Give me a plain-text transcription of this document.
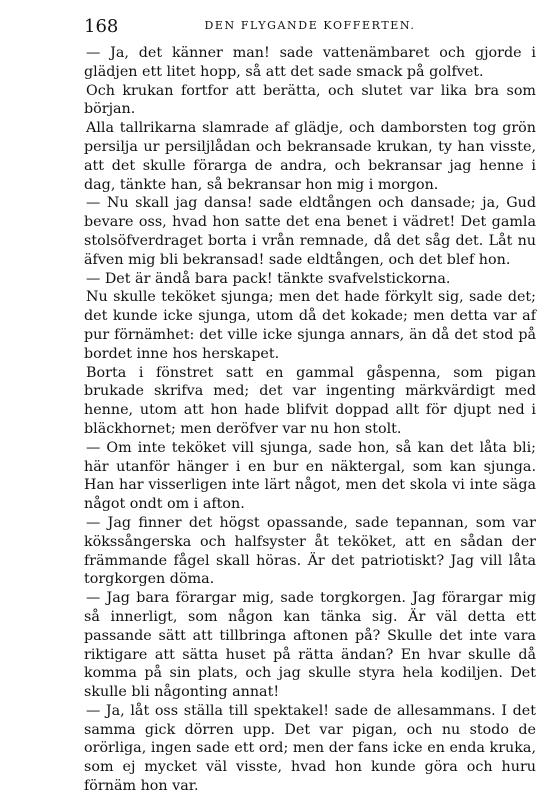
168	DEN FLYGANDE KOFFERTEN.

— Ja, det känner man! sade vattenämbaret och gjorde i glädjen ett litet hopp, så att det sade smack på golfvet.

Och krukan fortfor att berätta, och slutet var lika bra som början.

Alla tallrikarna slamrade af glädje, och damborsten tog grön persilja ur persiljlådan och bekransade krukan, ty han visste, att det skulle förarga de andra, och bekransar jag henne i dag, tänkte han, så bekransar hon mig i morgon.

— Nu skall jag dansa! sade eldtången och dansade; ja, Gud bevare oss, hvad hon satte det ena benet i vädret! Det gamla stolsöfverdraget borta i vrån remnade, då det såg det. Låt nu äfven mig bli bekransad! sade eldtången, och det blef hon.

— Det är ändå bara pack! tänkte svafvelstickorna.

Nu skulle teköket sjunga; men det hade förkylt sig, sade det; det kunde icke sjunga, utom då det kokade; men detta var af pur förnämhet: det ville icke sjunga annars, än då det stod på bordet inne hos herskapet.

Borta i fönstret satt en gammal gåspenna, som pigan brukade skrifva med; det var ingenting märkvärdigt med henne, utom att hon hade blifvit doppad allt för djupt ned i bläckhornet; men deröfver var nu hon stolt.

— Om inte teköket vill sjunga, sade hon, så kan det låta bli; här utanför hänger i en bur en näktergal, som kan sjunga. Han har visserligen inte lärt något, men det skola vi inte säga något ondt om i afton.

— Jag finner det högst opassande, sade tepannan, som var kökssångerska och halfsyster åt teköket, att en sådan der främmande fågel skall höras. Är det patriotiskt? Jag vill låta torgkorgen döma.

— Jag bara förargar mig, sade torgkorgen. Jag förargar mig så innerligt, som någon kan tänka sig. Är väl detta ett passande sätt att tillbringa aftonen på? Skulle det inte vara riktigare att sätta huset på rätta ändan? En hvar skulle då komma på sin plats, och jag skulle styra hela kodiljen. Det skulle bli någonting annat!

— Ja, låt oss ställa till spektakel! sade de allesammans. I det samma gick dörren upp. Det var pigan, och nu stodo de orörliga, ingen sade ett ord; men der fans icke en enda kruka, som ej mycket väl visste, hvad hon kunde göra och huru förnäm hon var.
